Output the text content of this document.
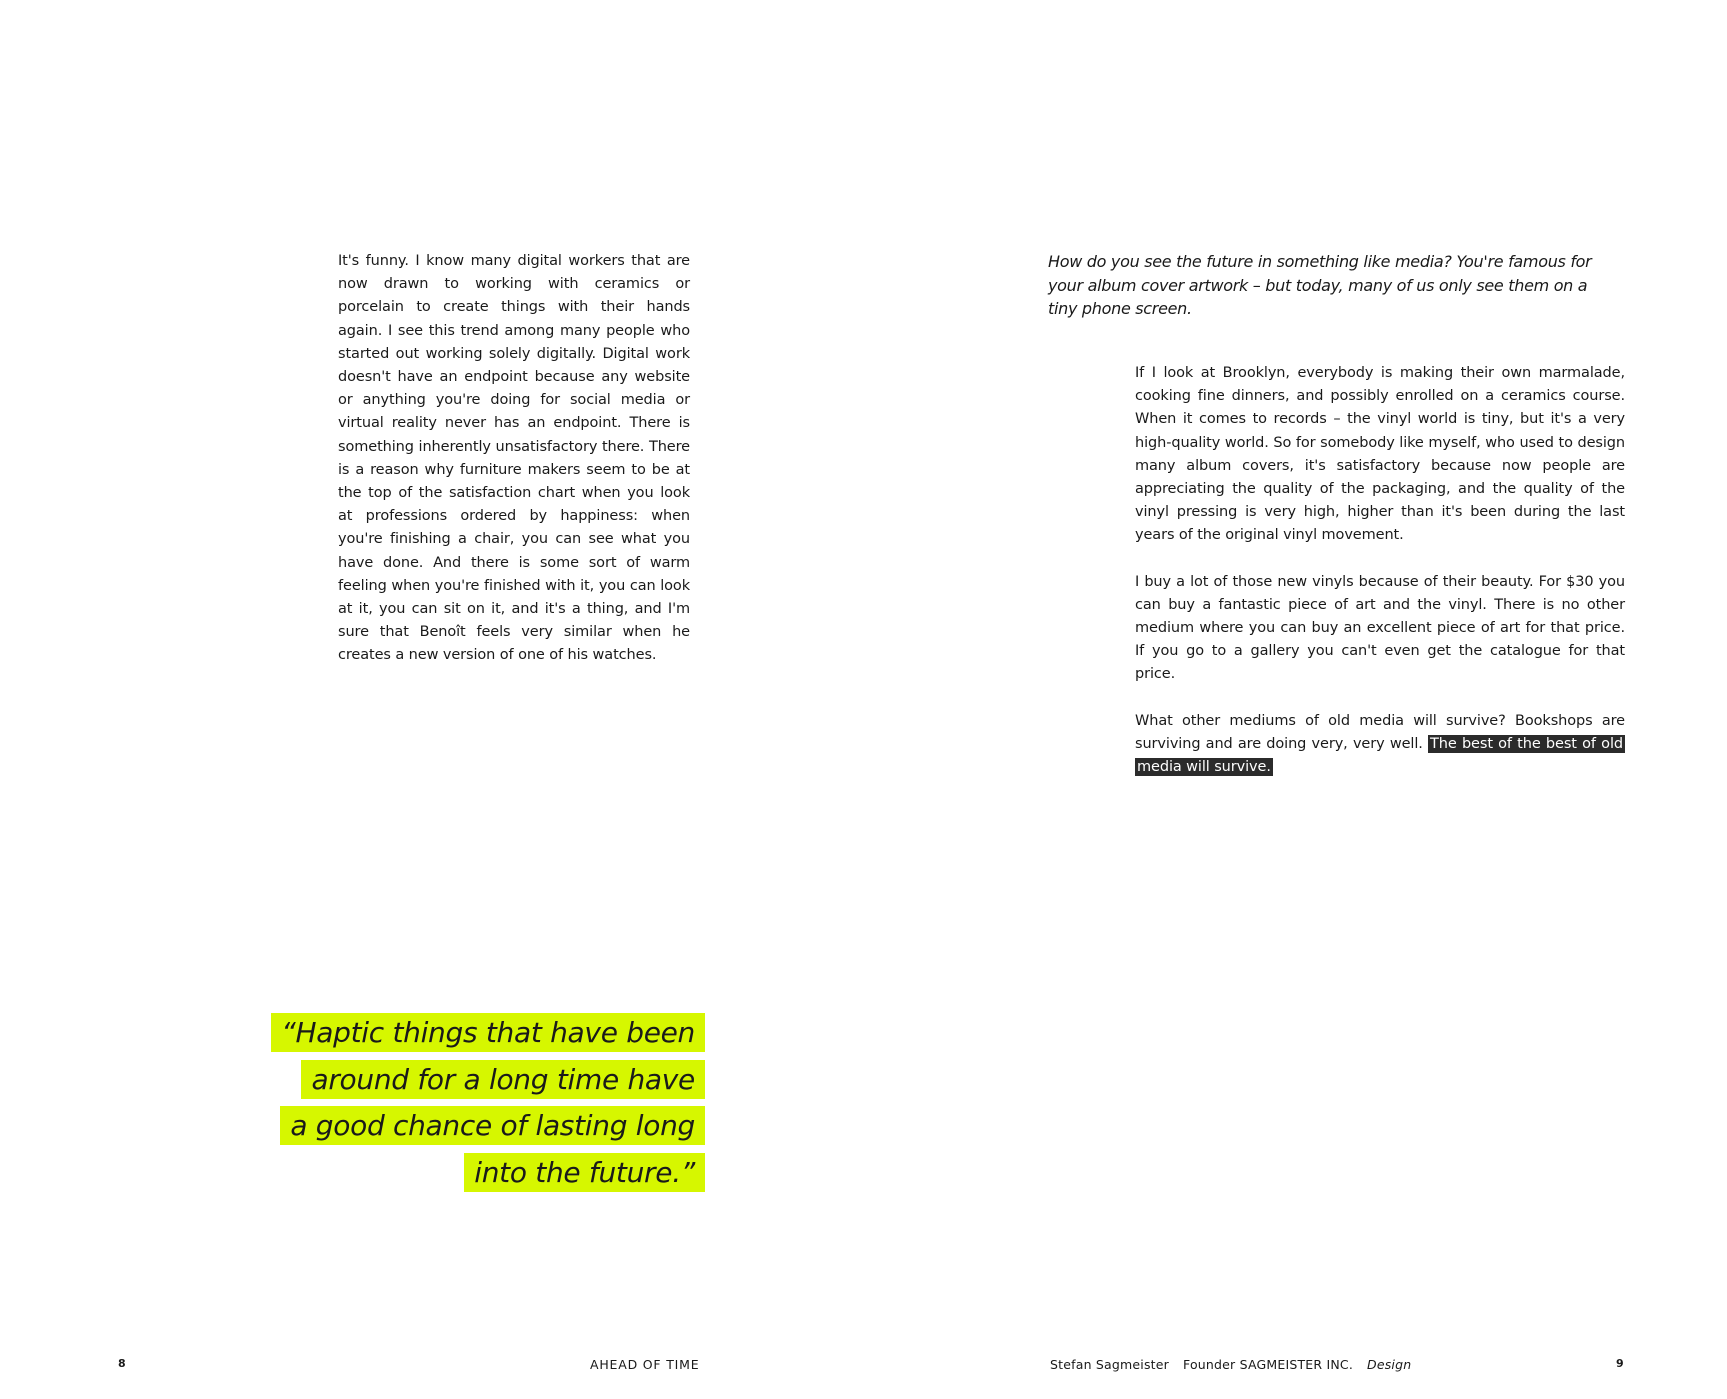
It's funny. I know many digital workers that are now drawn to working with ceramics or porcelain to create things with their hands again. I see this trend among many people who started out working solely digitally. Digital work doesn't have an endpoint because any website or anything you're doing for social media or virtual reality never has an endpoint. There is something inherently unsatisfactory there. There is a reason why furniture makers seem to be at the top of the satisfaction chart when you look at professions ordered by happiness: when you're finishing a chair, you can see what you have done. And there is some sort of warm feeling when you're finished with it, you can look at it, you can sit on it, and it's a thing, and I'm sure that Benoît feels very similar when he creates a new version of one of his watches.

“Haptic things that have been
around for a long time have
a good chance of lasting long
into the future.”
8	AHEAD OF TIME

How do you see the future in something like media? You're famous for your album cover artwork – but today, many of us only see them on a tiny phone screen.

If I look at Brooklyn, everybody is making their own marmalade, cooking fine dinners, and possibly enrolled on a ceramics course. When it comes to records – the vinyl world is tiny, but it's a very high-quality world. So for somebody like myself, who used to design many album covers, it's satisfactory because now people are appreciating the quality of the packaging, and the quality of the vinyl pressing is very high, higher than it's been during the last years of the original vinyl movement.

I buy a lot of those new vinyls because of their beauty. For $30 you can buy a fantastic piece of art and the vinyl. There is no other medium where you can buy an excellent piece of art for that price. If you go to a gallery you can't even get the catalogue for that price.

What other mediums of old media will survive? Bookshops are surviving and are doing very, very well. The best of the best of old media will survive.

Stefan Sagmeister Founder SAGMEISTER INC. Design	9
